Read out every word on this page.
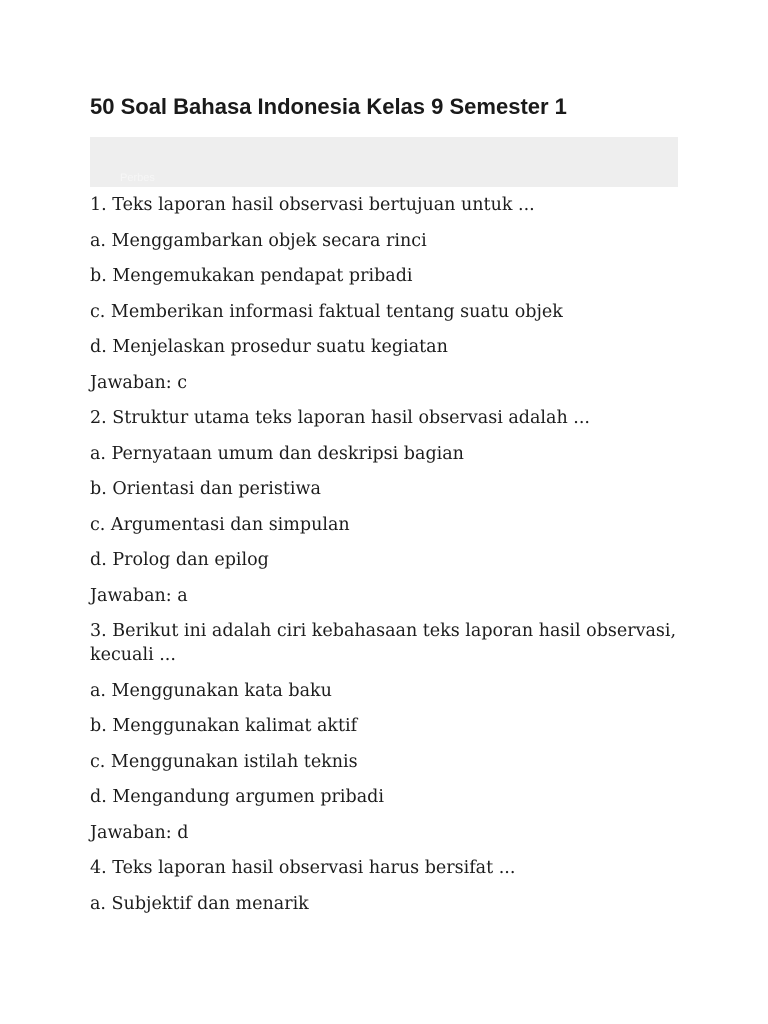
50 Soal Bahasa Indonesia Kelas 9 Semester 1
Perbes

1. Teks laporan hasil observasi bertujuan untuk ...

a. Menggambarkan objek secara rinci

b. Mengemukakan pendapat pribadi

c. Memberikan informasi faktual tentang suatu objek

d. Menjelaskan prosedur suatu kegiatan

Jawaban: c

2. Struktur utama teks laporan hasil observasi adalah ...

a. Pernyataan umum dan deskripsi bagian

b. Orientasi dan peristiwa

c. Argumentasi dan simpulan

d. Prolog dan epilog

Jawaban: a

3. Berikut ini adalah ciri kebahasaan teks laporan hasil observasi, kecuali ...

a. Menggunakan kata baku

b. Menggunakan kalimat aktif

c. Menggunakan istilah teknis

d. Mengandung argumen pribadi

Jawaban: d

4. Teks laporan hasil observasi harus bersifat ...

a. Subjektif dan menarik
